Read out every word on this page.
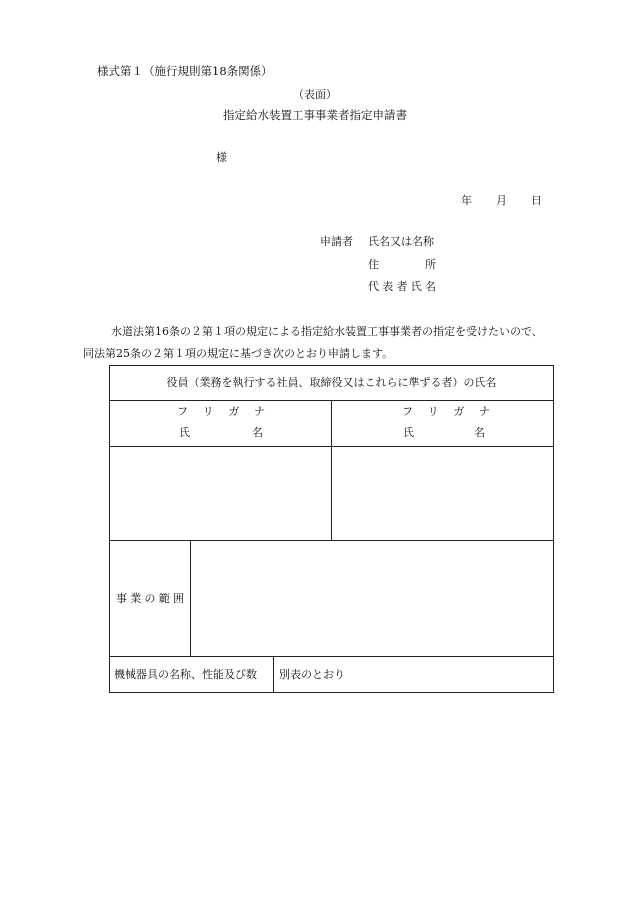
様式第１（施行規則第18条関係）
（表面）
指定給水装置工事事業者指定申請書
様
年 月 日
申請者 氏名又は名称
住	所
代 表 者 氏 名
水道法第16条の２第１項の規定による指定給水装置工事事業者の指定を受けたいので、
同法第25条の２第１項の規定に基づき次のとおり申請します。
役員（業務を執行する社員、取締役又はこれらに準ずる者）の氏名
フ リ ガ ナ
氏	名
フ リ ガ ナ
氏	名
事 業 の 範 囲
機械器具の名称、性能及び数 別表のとおり
